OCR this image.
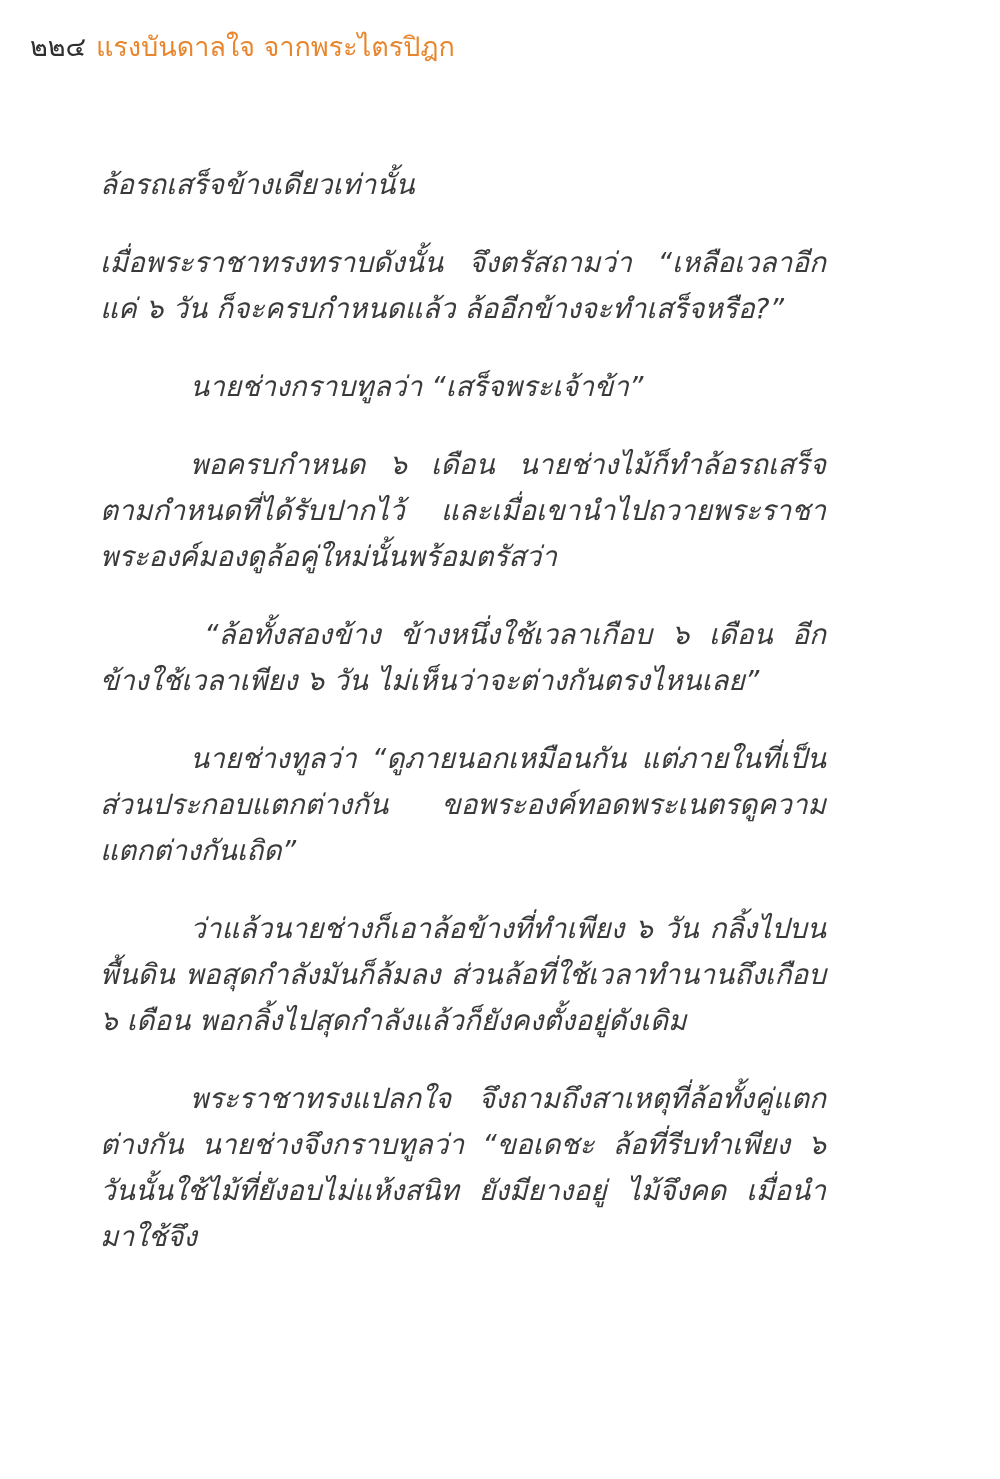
๒๒๔ แรงบันดาลใจ จากพระไตรปิฎก

ล้อรถเสร็จข้างเดียวเท่านั้น

เมื่อพระราชาทรงทราบดังนั้น จึงตรัสถามว่า “เหลือเวลาอีกแค่ ๖ วัน ก็จะครบกำหนดแล้ว ล้ออีกข้างจะทำเสร็จหรือ?”

นายช่างกราบทูลว่า “เสร็จพระเจ้าข้า”

พอครบกำหนด ๖ เดือน นายช่างไม้ก็ทำล้อรถเสร็จ ตามกำหนดที่ได้รับปากไว้ และเมื่อเขานำไปถวายพระราชา พระองค์มองดูล้อคู่ใหม่นั้นพร้อมตรัสว่า

“ล้อทั้งสองข้าง ข้างหนึ่งใช้เวลาเกือบ ๖ เดือน อีกข้างใช้เวลาเพียง ๖ วัน ไม่เห็นว่าจะต่างกันตรงไหนเลย”

นายช่างทูลว่า “ดูภายนอกเหมือนกัน แต่ภายในที่เป็นส่วนประกอบแตกต่างกัน ขอพระองค์ทอดพระเนตรดูความแตกต่างกันเถิด”

ว่าแล้วนายช่างก็เอาล้อข้างที่ทำเพียง ๖ วัน กลิ้งไปบนพื้นดิน พอสุดกำลังมันก็ล้มลง ส่วนล้อที่ใช้เวลาทำนานถึงเกือบ ๖ เดือน พอกลิ้งไปสุดกำลังแล้วก็ยังคงตั้งอยู่ดังเดิม

พระราชาทรงแปลกใจ จึงถามถึงสาเหตุที่ล้อทั้งคู่แตกต่างกัน นายช่างจึงกราบทูลว่า “ขอเดชะ ล้อที่รีบทำเพียง ๖ วันนั้นใช้ไม้ที่ยังอบไม่แห้งสนิท ยังมียางอยู่ ไม้จึงคด เมื่อนำมาใช้จึง
